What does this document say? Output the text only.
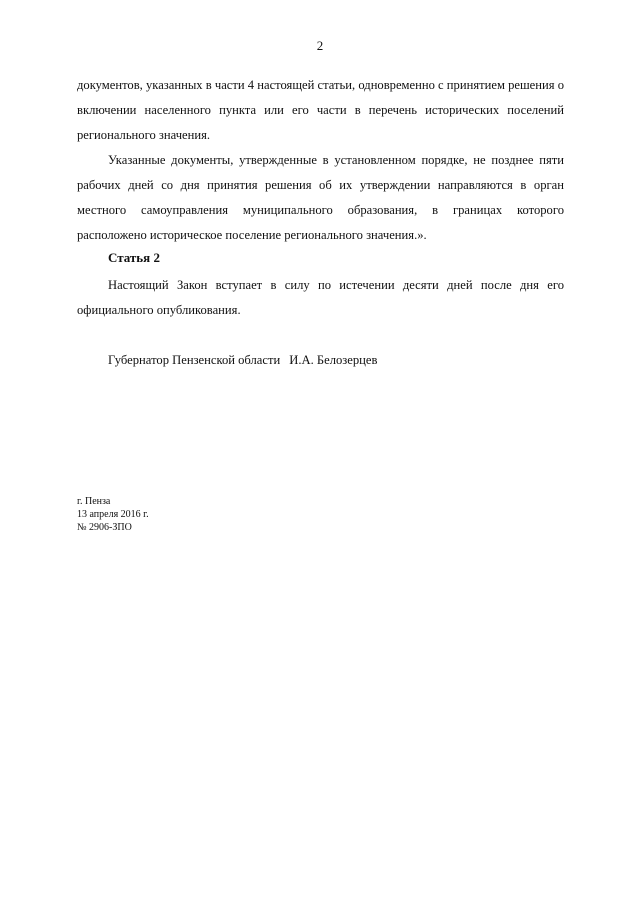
2

документов, указанных в части 4 настоящей статьи, одновременно с принятием решения о включении населенного пункта или его части в перечень исторических поселений регионального значения.

Указанные документы, утвержденные в установленном порядке, не позднее пяти рабочих дней со дня принятия решения об их утверждении направляются в орган местного самоуправления муниципального образования, в границах которого расположено историческое поселение регионального значения.».

Статья 2

Настоящий Закон вступает в силу по истечении десяти дней после дня его официального опубликования.

Губернатор Пензенской области И.А. Белозерцев
г. Пенза
13 апреля 2016 г.
№ 2906-ЗПО
